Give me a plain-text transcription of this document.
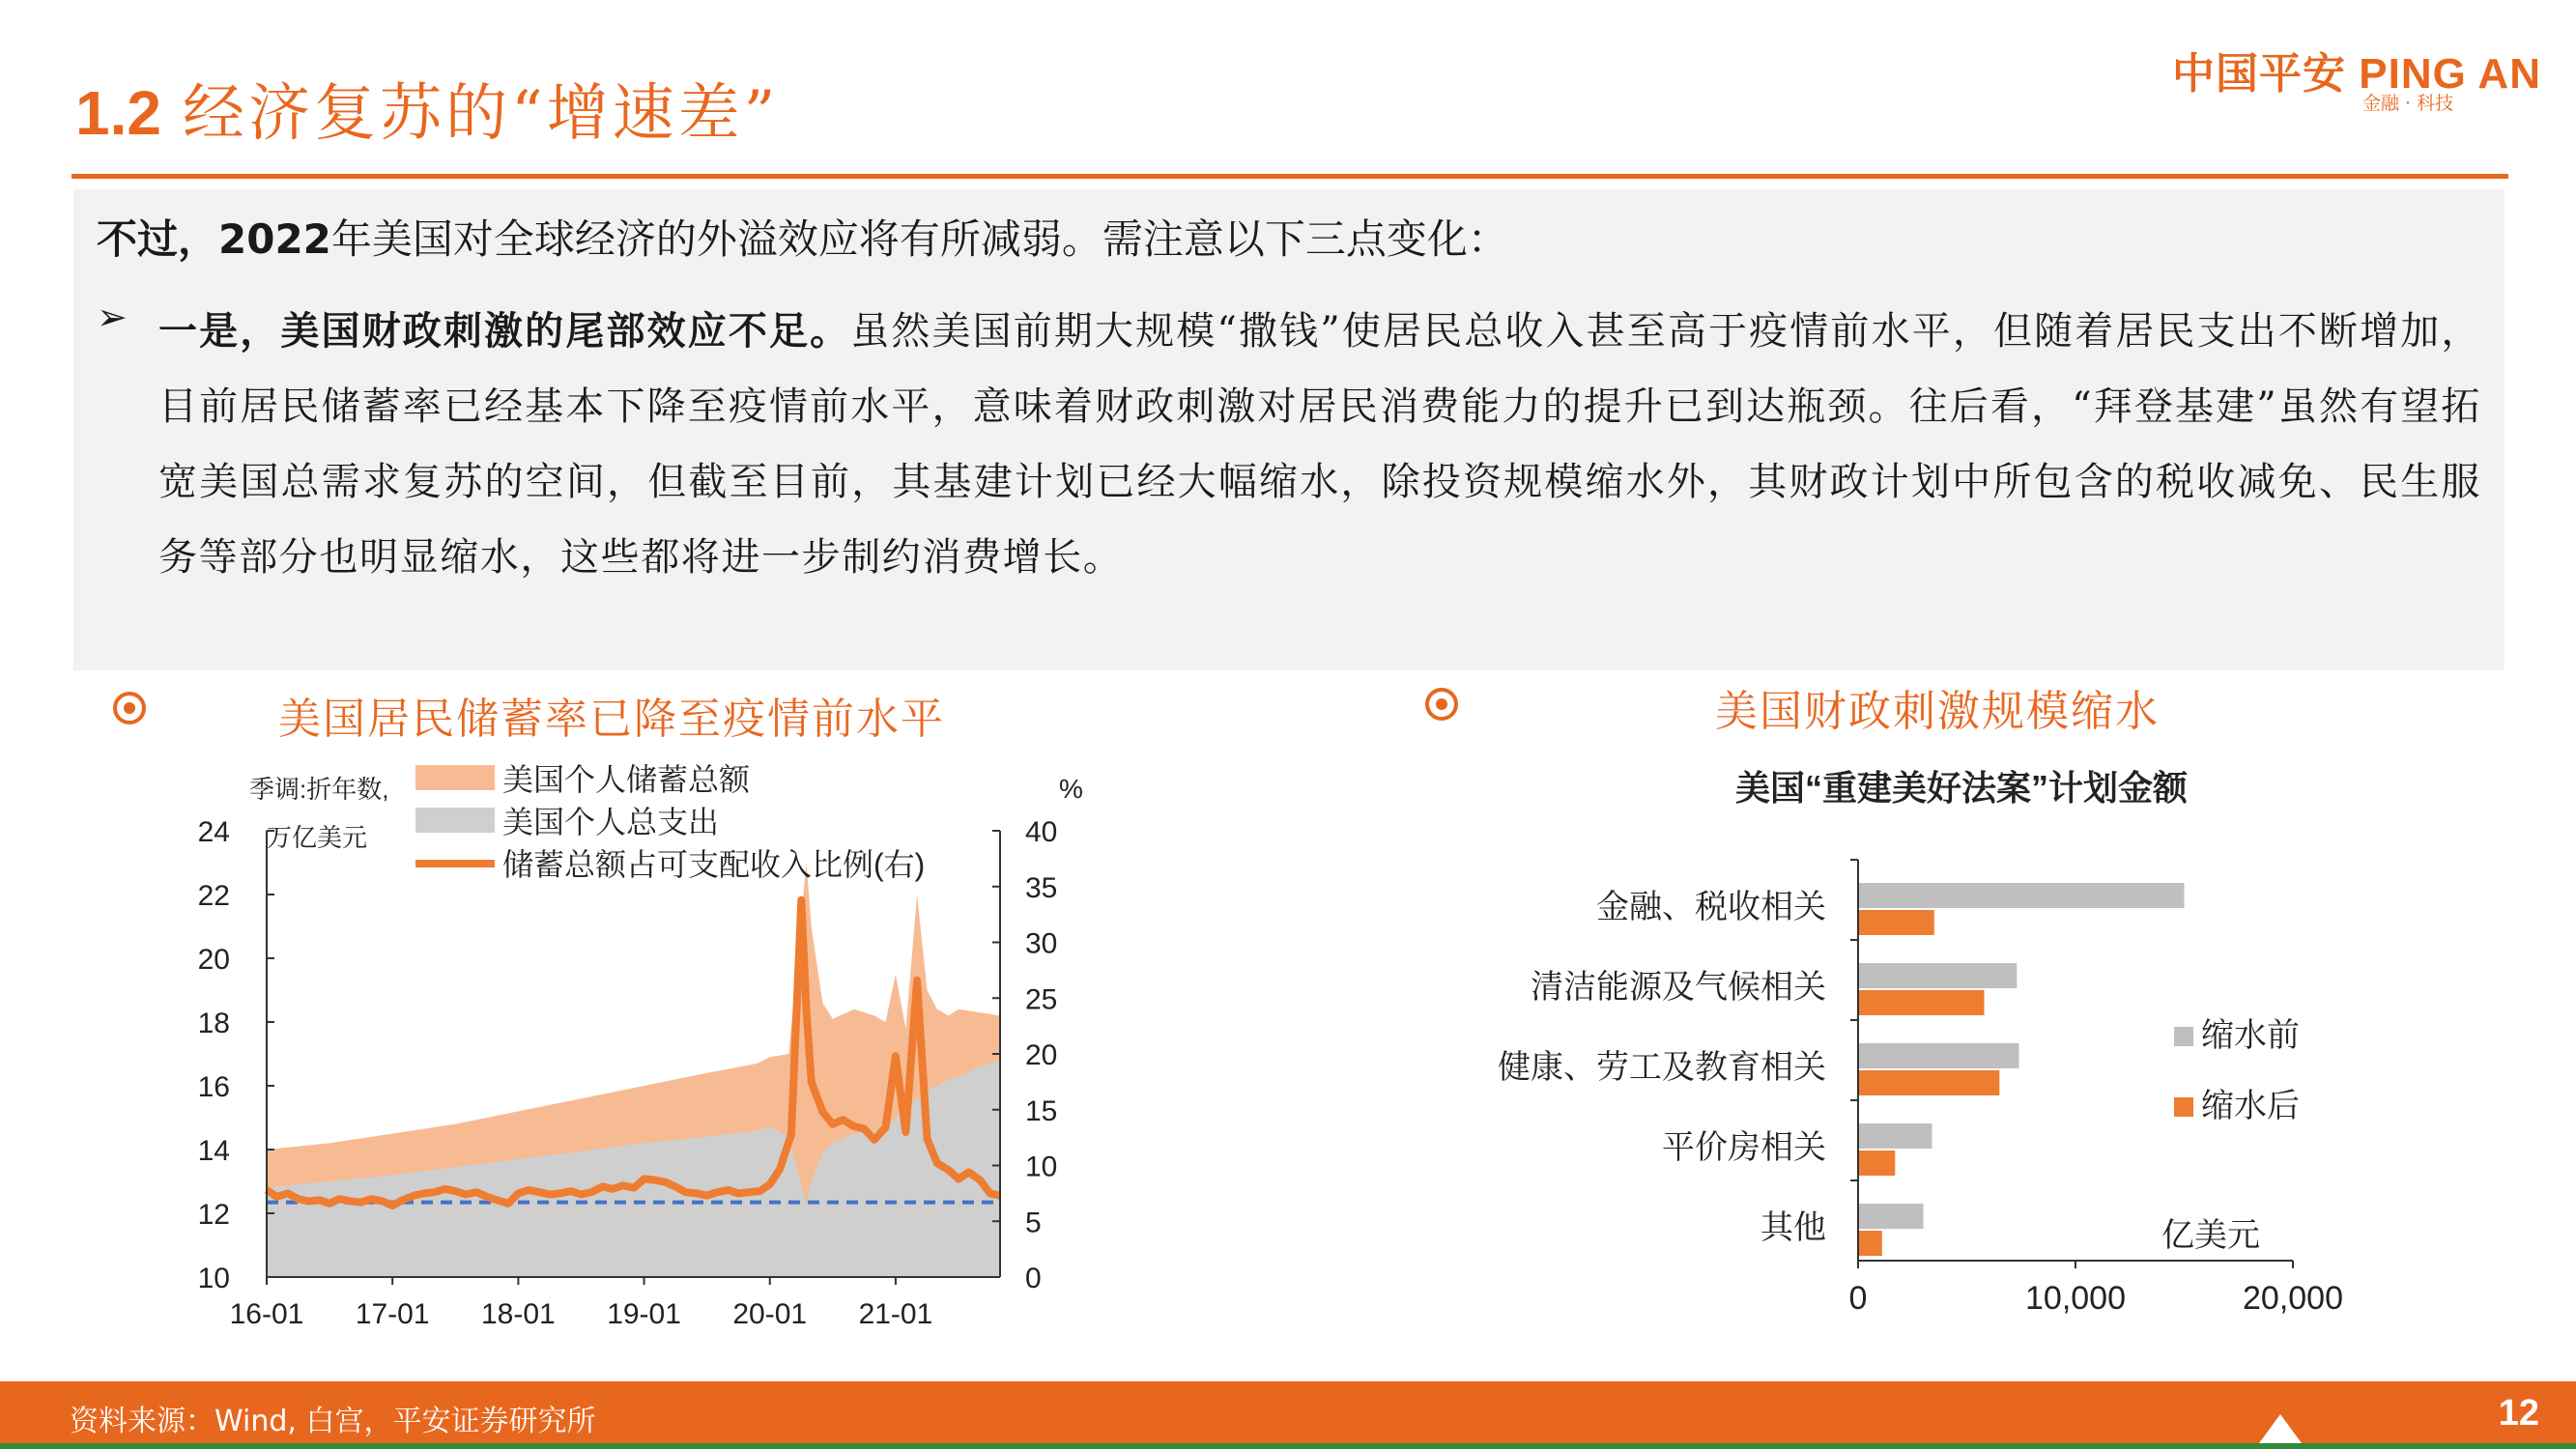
1.2 经济复苏的“增速差”
中国平安 PING AN
金融 · 科技
不过，2022年美国对全球经济的外溢效应将有所减弱。需注意以下三点变化：
➢ 一是，美国财政刺激的尾部效应不足。虽然美国前期大规模“撒钱”使居民总收入甚至高于疫情前水平，但随着居民支出不断增加，目前居民储蓄率已经基本下降至疫情前水平，意味着财政刺激对居民消费能力的提升已到达瓶颈。往后看，“拜登基建”虽然有望拓宽美国总需求复苏的空间，但截至目前，其基建计划已经大幅缩水，除投资规模缩水外，其财政计划中所包含的税收减免、民生服务等部分也明显缩水，这些都将进一步制约消费增长。
美国居民储蓄率已降至疫情前水平	美国财政刺激规模缩水
10
12
14
16
18
20
22
24
0
5
10
15
20
25
30
35
40
16-01 17-01 18-01 19-01 20-01 21-01
季调:折年数,
万亿美元
%
美国个人储蓄总额
美国个人总支出
储蓄总额占可支配收入比例(右)
美国“重建美好法案”计划金额
金融、税收相关
清洁能源及气候相关
健康、劳工及教育相关
平价房相关
其他
0	10,000	20,000
亿美元
缩水前
缩水后
资料来源：Wind, 白宫，平安证券研究所	12
